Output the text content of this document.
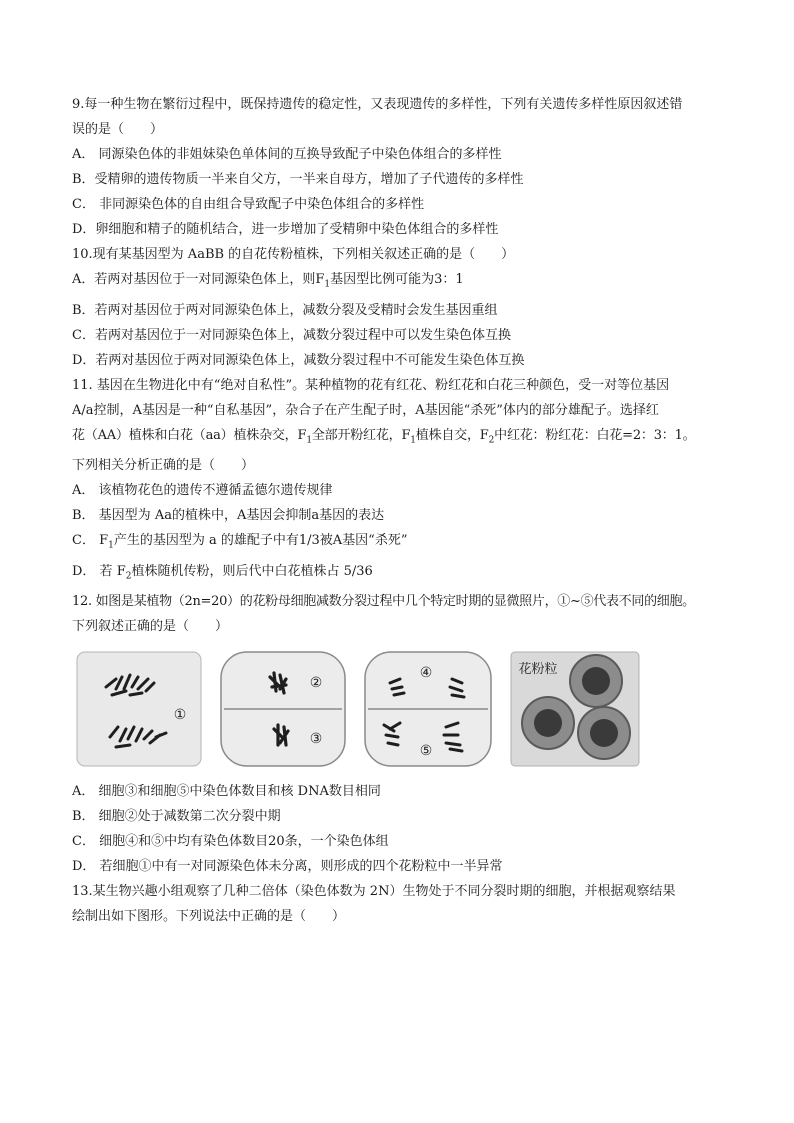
9.每一种生物在繁衍过程中，既保持遗传的稳定性，又表现遗传的多样性，下列有关遗传多样性原因叙述错
误的是（　　）
A． 同源染色体的非姐妹染色单体间的互换导致配子中染色体组合的多样性
B．受精卵的遗传物质一半来自父方，一半来自母方，增加了子代遗传的多样性
C． 非同源染色体的自由组合导致配子中染色体组合的多样性
D．卵细胞和精子的随机结合，进一步增加了受精卵中染色体组合的多样性
10.现有某基因型为 AaBB 的自花传粉植株，下列相关叙述正确的是（　　）
A．若两对基因位于一对同源染色体上，则$F_1$基因型比例可能为3：1
B．若两对基因位于两对同源染色体上，减数分裂及受精时会发生基因重组
C．若两对基因位于一对同源染色体上，减数分裂过程中可以发生染色体互换
D．若两对基因位于两对同源染色体上，减数分裂过程中不可能发生染色体互换
11. 基因在生物进化中有“绝对自私性”。某种植物的花有红花、粉红花和白花三种颜色，受一对等位基因
A/a控制，A基因是一种“自私基因”，杂合子在产生配子时，A基因能“杀死”体内的部分雄配子。选择红
花（AA）植株和白花（aa）植株杂交，$F_1$全部开粉红花，$F_1$植株自交，$F_2$中红花：粉红花：白花=2：3：1。
下列相关分析正确的是（　　）
A． 该植物花色的遗传不遵循孟德尔遗传规律
B． 基因型为 Aa的植株中，A基因会抑制a基因的表达
C． $F_1$产生的基因型为 a 的雄配子中有1/3被A基因“杀死”
D． 若 $F_2$植株随机传粉，则后代中白花植株占 5/36
12. 如图是某植物（2n=20）的花粉母细胞减数分裂过程中几个特定时期的显微照片，①~⑤代表不同的细胞。
下列叙述正确的是（　　）
①
②
③
④
⑤
花粉粒
A． 细胞③和细胞⑤中染色体数目和核 DNA数目相同
B． 细胞②处于减数第二次分裂中期
C． 细胞④和⑤中均有染色体数目20条，一个染色体组
D． 若细胞①中有一对同源染色体未分离，则形成的四个花粉粒中一半异常
13.某生物兴趣小组观察了几种二倍体（染色体数为 2N）生物处于不同分裂时期的细胞，并根据观察结果
绘制出如下图形。下列说法中正确的是（　　）
